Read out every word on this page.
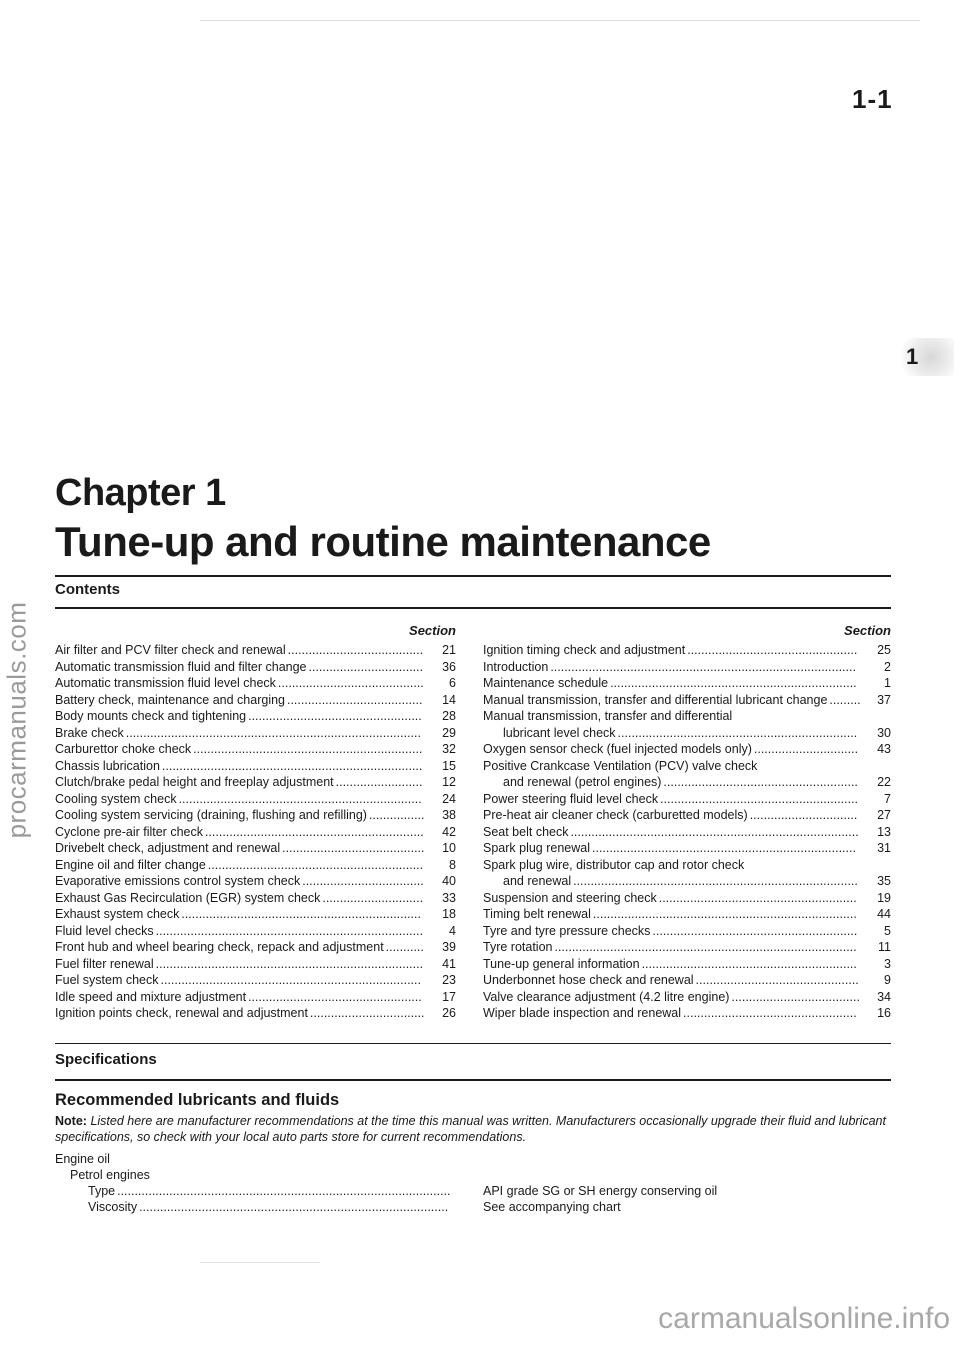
1-1
1
procarmanuals.com
carmanualsonline.info
Chapter 1
Tune-up and routine maintenance
Contents
Section	Section
Air filter and PCV filter check and renewal .......................................	21
Automatic transmission fluid and filter change .................................	36
Automatic transmission fluid level check ..........................................	6
Battery check, maintenance and charging .......................................	14
Body mounts check and tightening ..................................................	28
Brake check .....................................................................................	29
Carburettor choke check ..................................................................	32
Chassis lubrication ...........................................................................	15
Clutch/brake pedal height and freeplay adjustment .........................	12
Cooling system check ......................................................................	24
Cooling system servicing (draining, flushing and refilling) ................	38
Cyclone pre-air filter check ...............................................................	42
Drivebelt check, adjustment and renewal .........................................	10
Engine oil and filter change ..............................................................	8
Evaporative emissions control system check ...................................	40
Exhaust Gas Recirculation (EGR) system check .............................	33
Exhaust system check .....................................................................	18
Fluid level checks .............................................................................	4
Front hub and wheel bearing check, repack and adjustment ...........	39
Fuel filter renewal .............................................................................	41
Fuel system check ...........................................................................	23
Idle speed and mixture adjustment ..................................................	17
Ignition points check, renewal and adjustment .................................	26
Ignition timing check and adjustment .................................................	25
Introduction ........................................................................................	2
Maintenance schedule .......................................................................	1
Manual transmission, transfer and differential lubricant change .........	37
Manual transmission, transfer and differential
lubricant level check .....................................................................	30
Oxygen sensor check (fuel injected models only) ..............................	43
Positive Crankcase Ventilation (PCV) valve check
and renewal (petrol engines) ........................................................	22
Power steering fluid level check .........................................................	7
Pre-heat air cleaner check (carburetted models) ...............................	27
Seat belt check ...................................................................................	13
Spark plug renewal ............................................................................	31
Spark plug wire, distributor cap and rotor check
and renewal ..................................................................................	35
Suspension and steering check .........................................................	19
Timing belt renewal ............................................................................	44
Tyre and tyre pressure checks ...........................................................	5
Tyre rotation .......................................................................................	11
Tune-up general information ..............................................................	3
Underbonnet hose check and renewal ...............................................	9
Valve clearance adjustment (4.2 litre engine) .....................................	34
Wiper blade inspection and renewal ..................................................	16
Specifications
Recommended lubricants and fluids
Note: Listed here are manufacturer recommendations at the time this manual was written. Manufacturers occasionally upgrade their fluid and lubricant specifications, so check with your local auto parts store for current recommendations.
Engine oil
Petrol engines
Type ................................................................................................	API grade SG or SH energy conserving oil
Viscosity .........................................................................................	See accompanying chart
